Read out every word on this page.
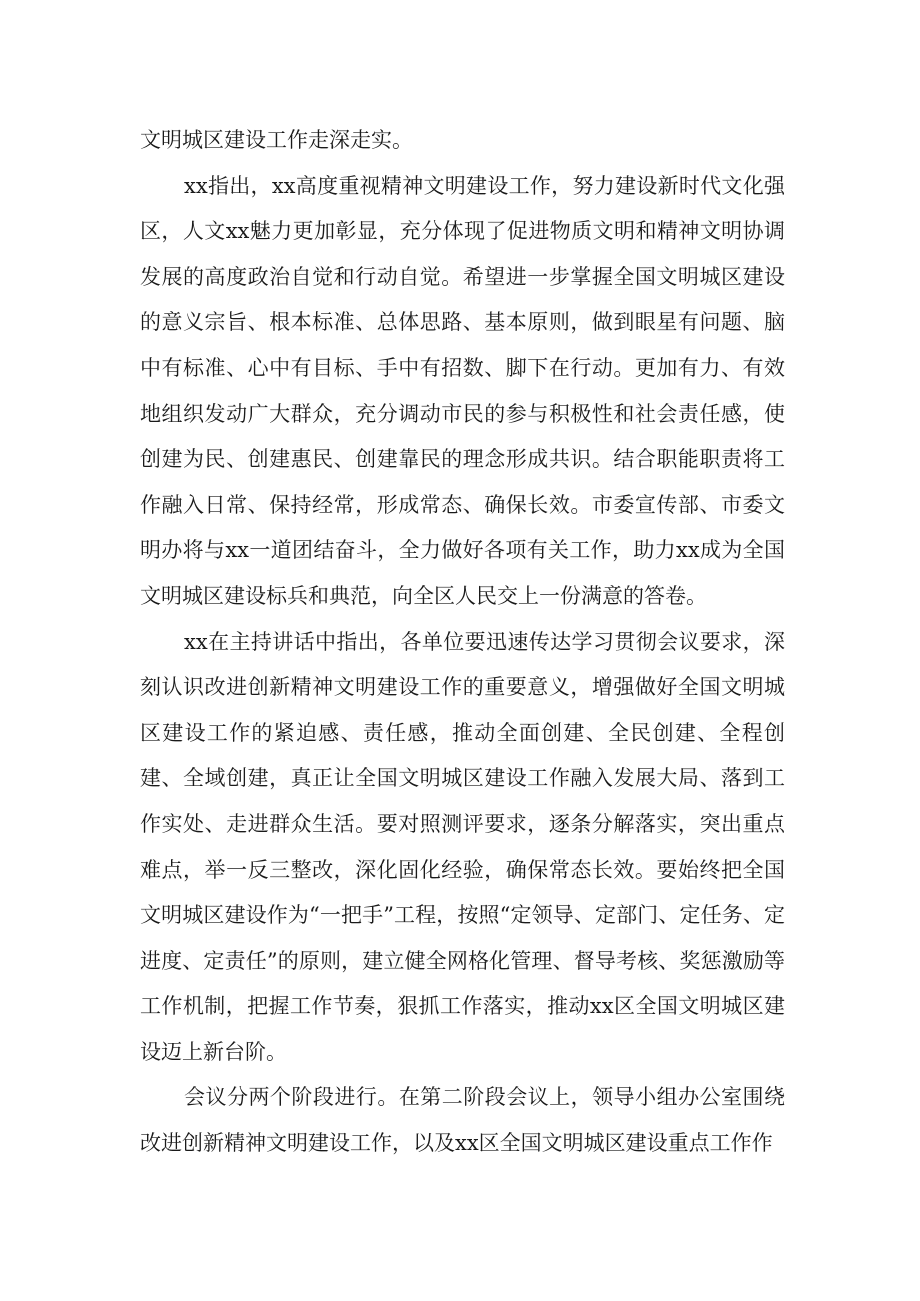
文明城区建设工作走深走实。

xx指出，xx高度重视精神文明建设工作，努力建设新时代文化强区，人文xx魅力更加彰显，充分体现了促进物质文明和精神文明协调发展的高度政治自觉和行动自觉。希望进一步掌握全国文明城区建设的意义宗旨、根本标准、总体思路、基本原则，做到眼星有问题、脑中有标准、心中有目标、手中有招数、脚下在行动。更加有力、有效地组织发动广大群众，充分调动市民的参与积极性和社会责任感，使创建为民、创建惠民、创建靠民的理念形成共识。结合职能职责将工作融入日常、保持经常，形成常态、确保长效。市委宣传部、市委文明办将与xx一道团结奋斗，全力做好各项有关工作，助力xx成为全国文明城区建设标兵和典范，向全区人民交上一份满意的答卷。

xx在主持讲话中指出，各单位要迅速传达学习贯彻会议要求，深刻认识改进创新精神文明建设工作的重要意义，增强做好全国文明城区建设工作的紧迫感、责任感，推动全面创建、全民创建、全程创建、全域创建，真正让全国文明城区建设工作融入发展大局、落到工作实处、走进群众生活。要对照测评要求，逐条分解落实，突出重点难点，举一反三整改，深化固化经验，确保常态长效。要始终把全国文明城区建设作为“一把手”工程，按照“定领导、定部门、定任务、定进度、定责任”的原则，建立健全网格化管理、督导考核、奖惩激励等工作机制，把握工作节奏，狠抓工作落实，推动xx区全国文明城区建设迈上新台阶。

会议分两个阶段进行。在第二阶段会议上，领导小组办公室围绕改进创新精神文明建设工作，以及xx区全国文明城区建设重点工作作
